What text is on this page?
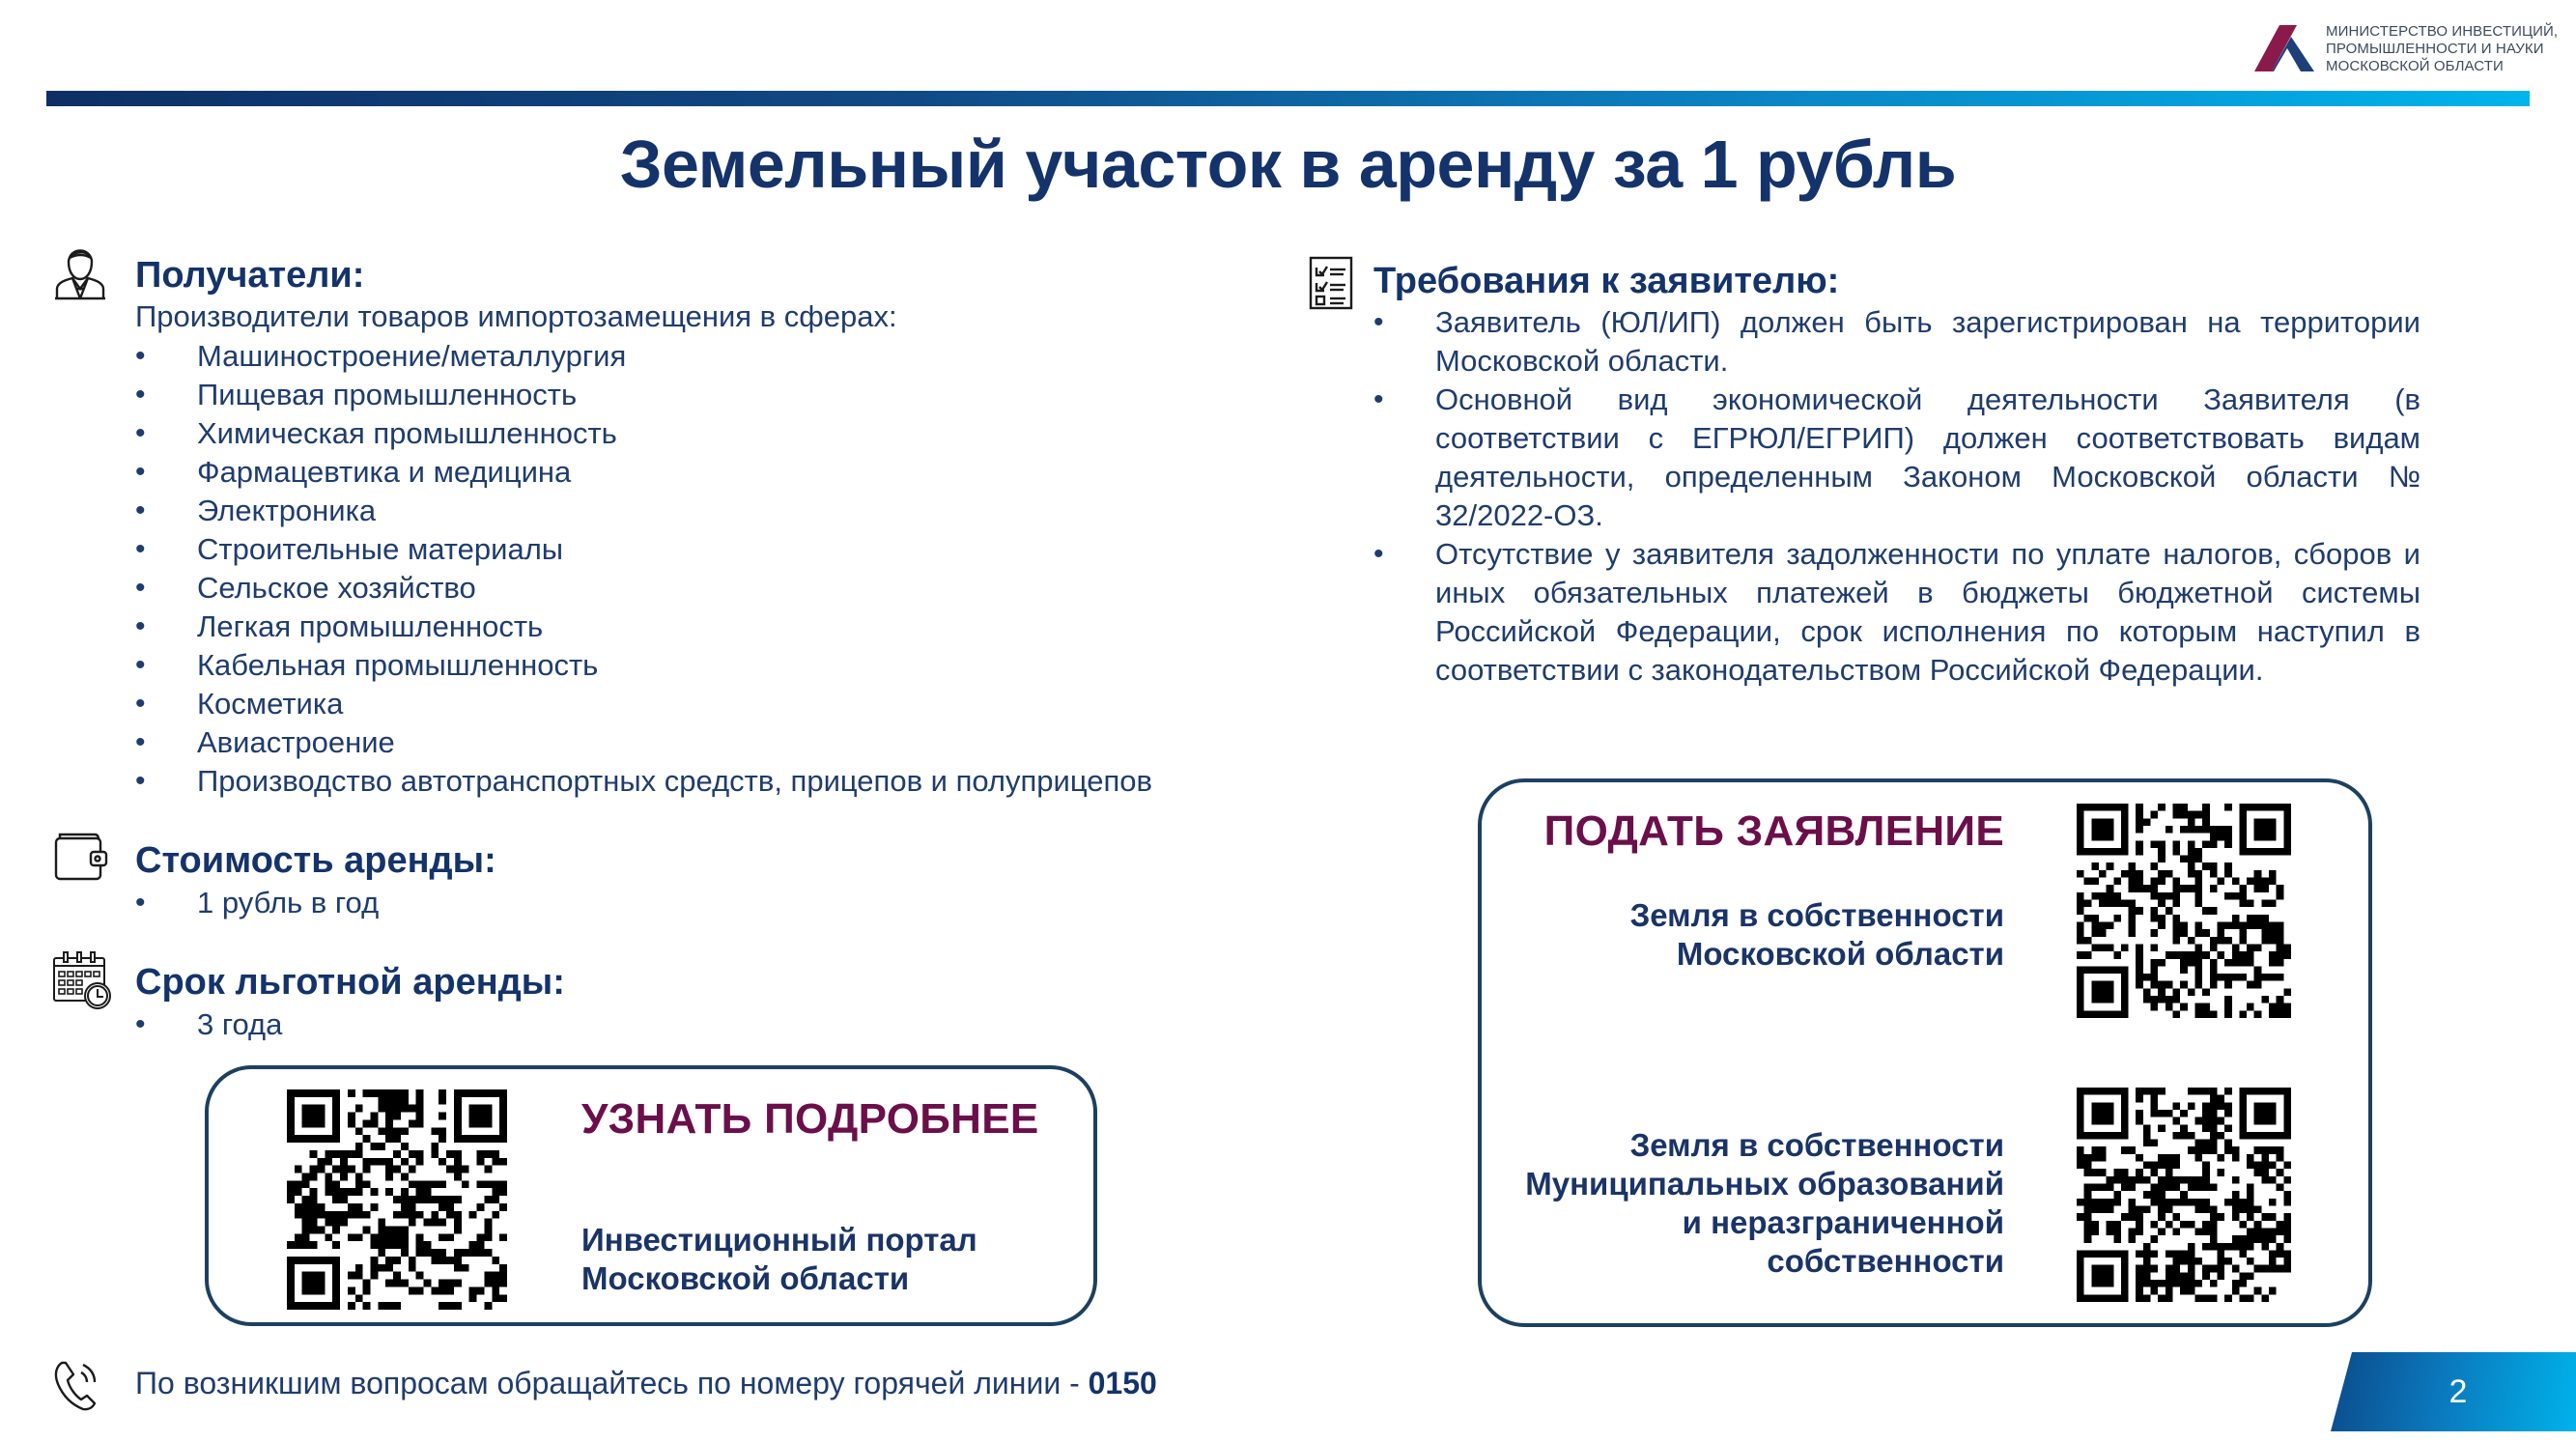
МИНИСТЕРСТВО ИНВЕСТИЦИЙ,
ПРОМЫШЛЕННОСТИ И НАУКИ
МОСКОВСКОЙ ОБЛАСТИ
Земельный участок в аренду за 1 рубль
Получатели:
Производители товаров импортозамещения в сферах:
• Машиностроение/металлургия
• Пищевая промышленность
• Химическая промышленность
• Фармацевтика и медицина
• Электроника
• Строительные материалы
• Сельское хозяйство
• Легкая промышленность
• Кабельная промышленность
• Косметика
• Авиастроение
• Производство автотранспортных средств, прицепов и полуприцепов
Стоимость аренды:
• 1 рубль в год
Срок льготной аренды:
• 3 года
Требования к заявителю:
• Заявитель (ЮЛ/ИП) должен быть зарегистрирован на территории Московской области.
• Основной вид экономической деятельности Заявителя (в соответствии с ЕГРЮЛ/ЕГРИП) должен соответствовать видам деятельности, определенным Законом Московской области № 32/2022-ОЗ.
• Отсутствие у заявителя задолженности по уплате налогов, сборов и иных обязательных платежей в бюджеты бюджетной системы Российской Федерации, срок исполнения по которым наступил в соответствии с законодательством Российской Федерации.
УЗНАТЬ ПОДРОБНЕЕ
Инвестиционный портал
Московской области
ПОДАТЬ ЗАЯВЛЕНИЕ
Земля в собственности
Московской области
Земля в собственности
Муниципальных образований
и неразграниченной
собственности
По возникшим вопросам обращайтесь по номеру горячей линии - 0150	2
